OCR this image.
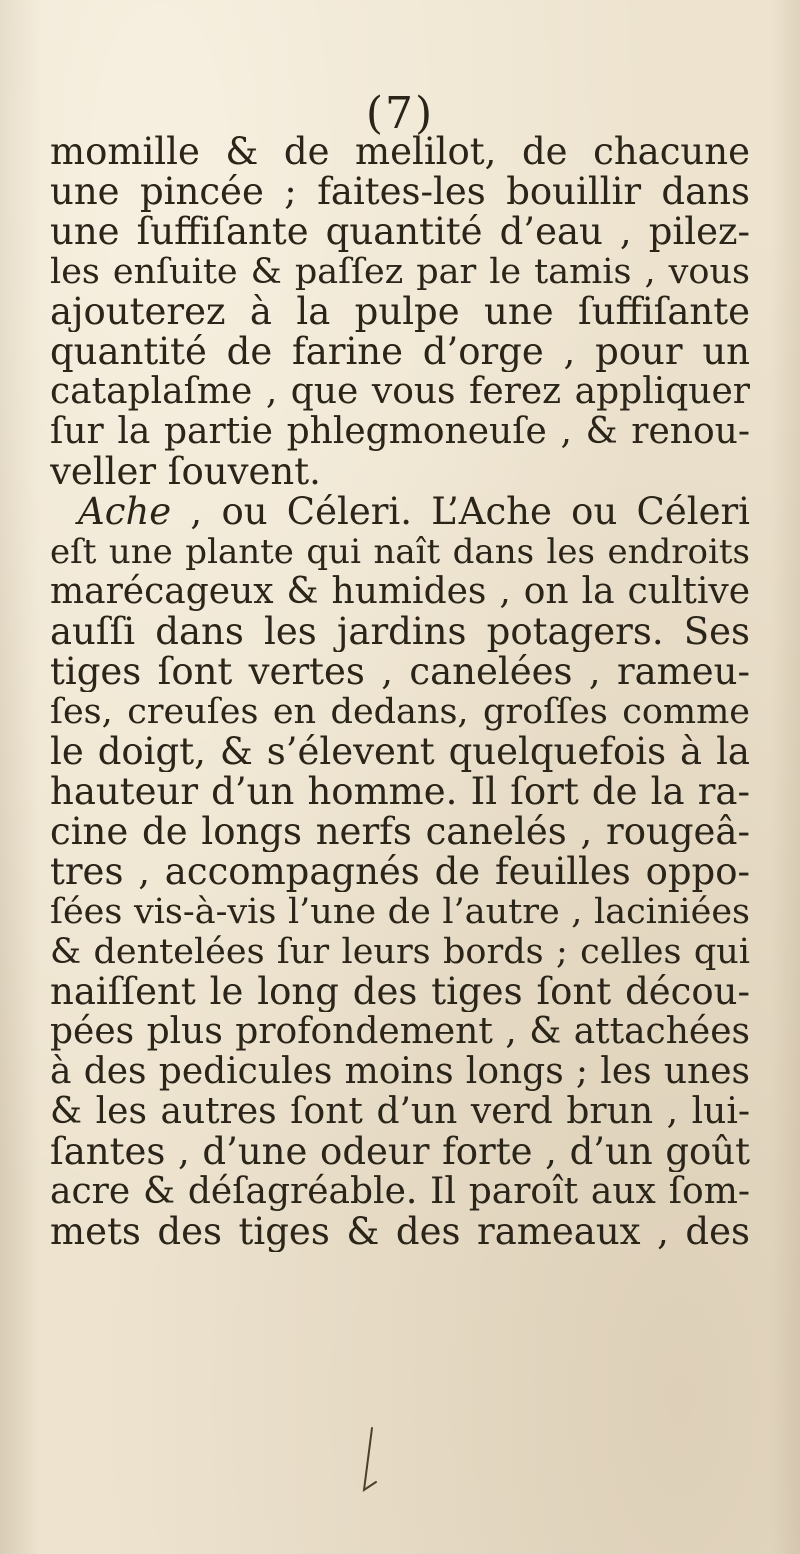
(7)
momille & de melilot, de chacune
une pincée ; faites-les bouillir dans
une ſuffiſante quantité d’eau , pilez-
les enſuite & paſſez par le tamis , vous
ajouterez à la pulpe une ſuffiſante
quantité de farine d’orge , pour un
cataplaſme , que vous ferez appliquer
ſur la partie phlegmoneuſe , & renou-
veller ſouvent.
Ache , ou Céleri. L’Ache ou Céleri
eſt une plante qui naît dans les endroits
marécageux & humides , on la cultive
auſſi dans les jardins potagers. Ses
tiges ſont vertes , canelées , rameu-
ſes, creuſes en dedans, groſſes comme
le doigt, & s’élevent quelquefois à la
hauteur d’un homme. Il ſort de la ra-
cine de longs nerfs canelés , rougeâ-
tres , accompagnés de feuilles oppo-
ſées vis-à-vis l’une de l’autre , laciniées
& dentelées ſur leurs bords ; celles qui
naiſſent le long des tiges ſont décou-
pées plus profondement , & attachées
à des pedicules moins longs ; les unes
& les autres ſont d’un verd brun , lui-
ſantes , d’une odeur forte , d’un goût
acre & déſagréable. Il paroît aux ſom-
mets des tiges & des rameaux , des
